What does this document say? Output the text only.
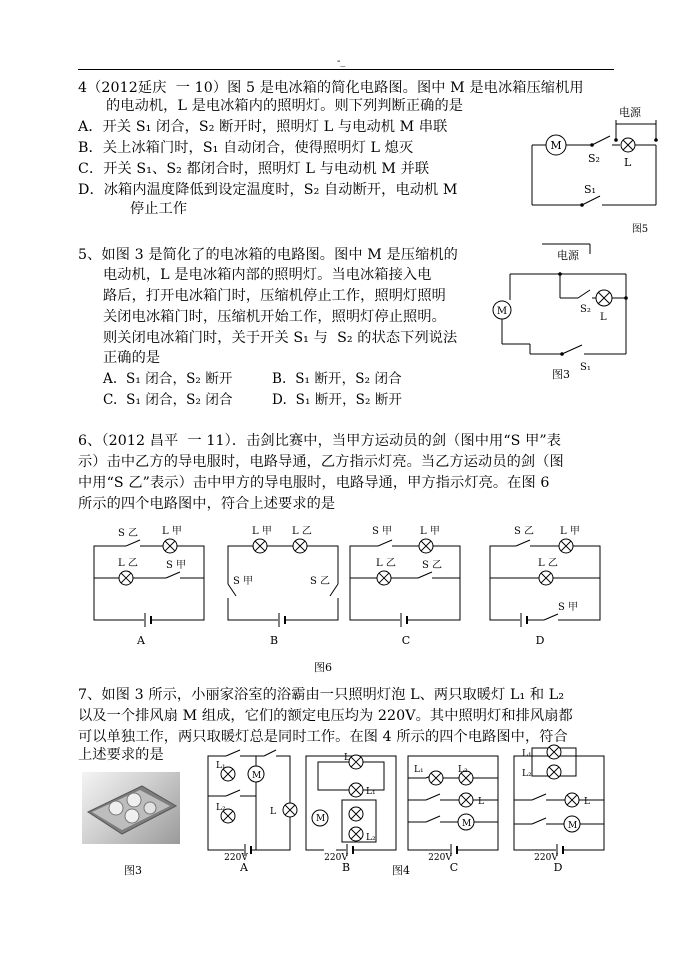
-_
4（2012延庆  一 10）图 5 是电冰箱的简化电路图。图中 M 是电冰箱压缩机用
的电动机，L 是电冰箱内的照明灯。则下列判断正确的是
A．开关 S₁ 闭合，S₂ 断开时，照明灯 L 与电动机 M 串联
B．关上冰箱门时，S₁ 自动闭合，使得照明灯 L 熄灭
C．开关 S₁、S₂ 都闭合时，照明灯 L 与电动机 M 并联
D．冰箱内温度降低到设定温度时，S₂ 自动断开，电动机 M
停止工作
电源
M
S₂ L
S₁
图5
5、如图 3 是简化了的电冰箱的电路图。图中 M 是压缩机的
电动机，L 是电冰箱内部的照明灯。当电冰箱接入电
路后，打开电冰箱门时，压缩机停止工作，照明灯照明
关闭电冰箱门时，压缩机开始工作，照明灯停止照明。
则关闭电冰箱门时，关于开关 S₁ 与  S₂ 的状态下列说法
正确的是
A.  S₁ 闭合，S₂ 断开	B.  S₁ 断开，S₂ 闭合
C.  S₁ 闭合，S₂ 闭合	D.  S₁ 断开，S₂ 断开
电源
M	S₂
L
S₁
图3
6、（2012 昌平  一 11）．击剑比赛中，当甲方运动员的剑（图中用“S 甲”表
示）击中乙方的导电服时，电路导通，乙方指示灯亮。当乙方运动员的剑（图
中用“S 乙”表示）击中甲方的导电服时，电路导通，甲方指示灯亮。在图 6
所示的四个电路图中，符合上述要求的是
S 乙 L 甲
L 乙	S 甲
L 甲 L 乙
S 甲	S 乙
S 甲	L 甲
L 乙	S 乙
S 乙	L 甲
L 乙
S 甲
A	B	C	D
图6
7、如图 3 所示，小丽家浴室的浴霸由一只照明灯泡 L、两只取暖灯 L₁ 和 L₂
以及一个排风扇 M 组成，它们的额定电压均为 220V。其中照明灯和排风扇都
可以单独工作，两只取暖灯总是同时工作。在图 4 所示的四个电路图中，符合
上述要求的是
图3
L₁
L₂
M
L
L
L₁
M
L₂
L₁	L₂
L
M
L₁
L₂
L
M
220V	220V	220V	220V
A	B	C	D
图4
